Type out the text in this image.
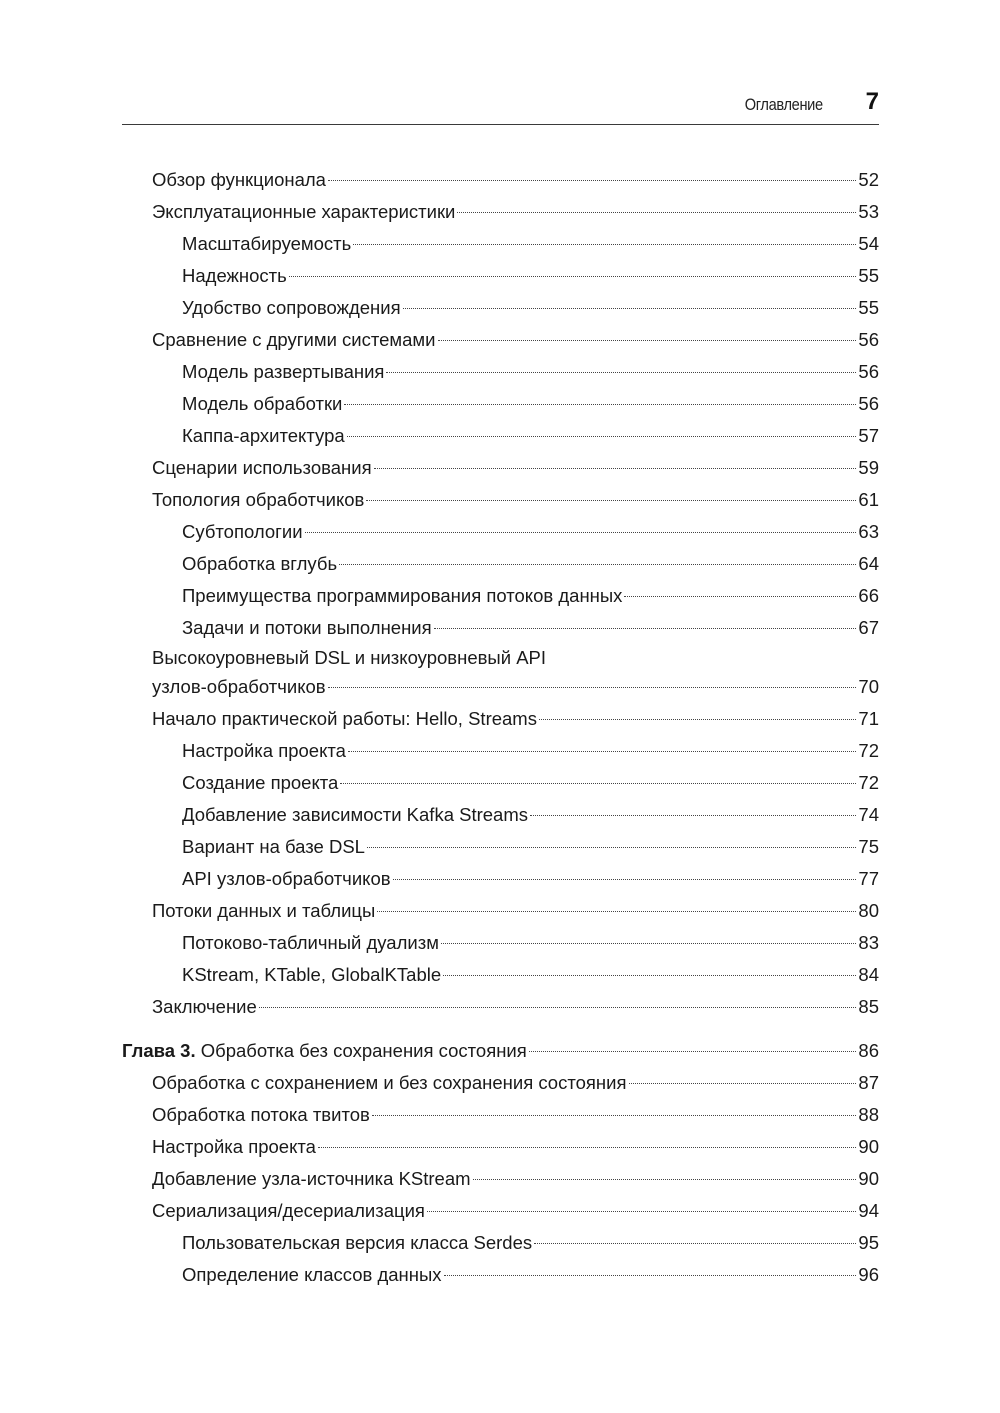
Оглавление 7
Обзор функционала	52
Эксплуатационные характеристики	53
Масштабируемость	54
Надежность	55
Удобство сопровождения	55
Сравнение с другими системами	56
Модель развертывания	56
Модель обработки	56
Каппа-архитектура	57
Сценарии использования	59
Топология обработчиков	61
Субтопологии	63
Обработка вглубь	64
Преимущества программирования потоков данных	66
Задачи и потоки выполнения	67
Высокоуровневый DSL и низкоуровневый API
узлов-обработчиков	70
Начало практической работы: Hello, Streams	71
Настройка проекта	72
Создание проекта	72
Добавление зависимости Kafka Streams	74
Вариант на базе DSL	75
API узлов-обработчиков	77
Потоки данных и таблицы	80
Потоково-табличный дуализм	83
KStream, KTable, GlobalKTable	84
Заключение	85
Глава 3. Обработка без сохранения состояния	86
Обработка с сохранением и без сохранения состояния	87
Обработка потока твитов	88
Настройка проекта	90
Добавление узла-источника KStream	90
Сериализация/десериализация	94
Пользовательская версия класса Serdes	95
Определение классов данных	96
